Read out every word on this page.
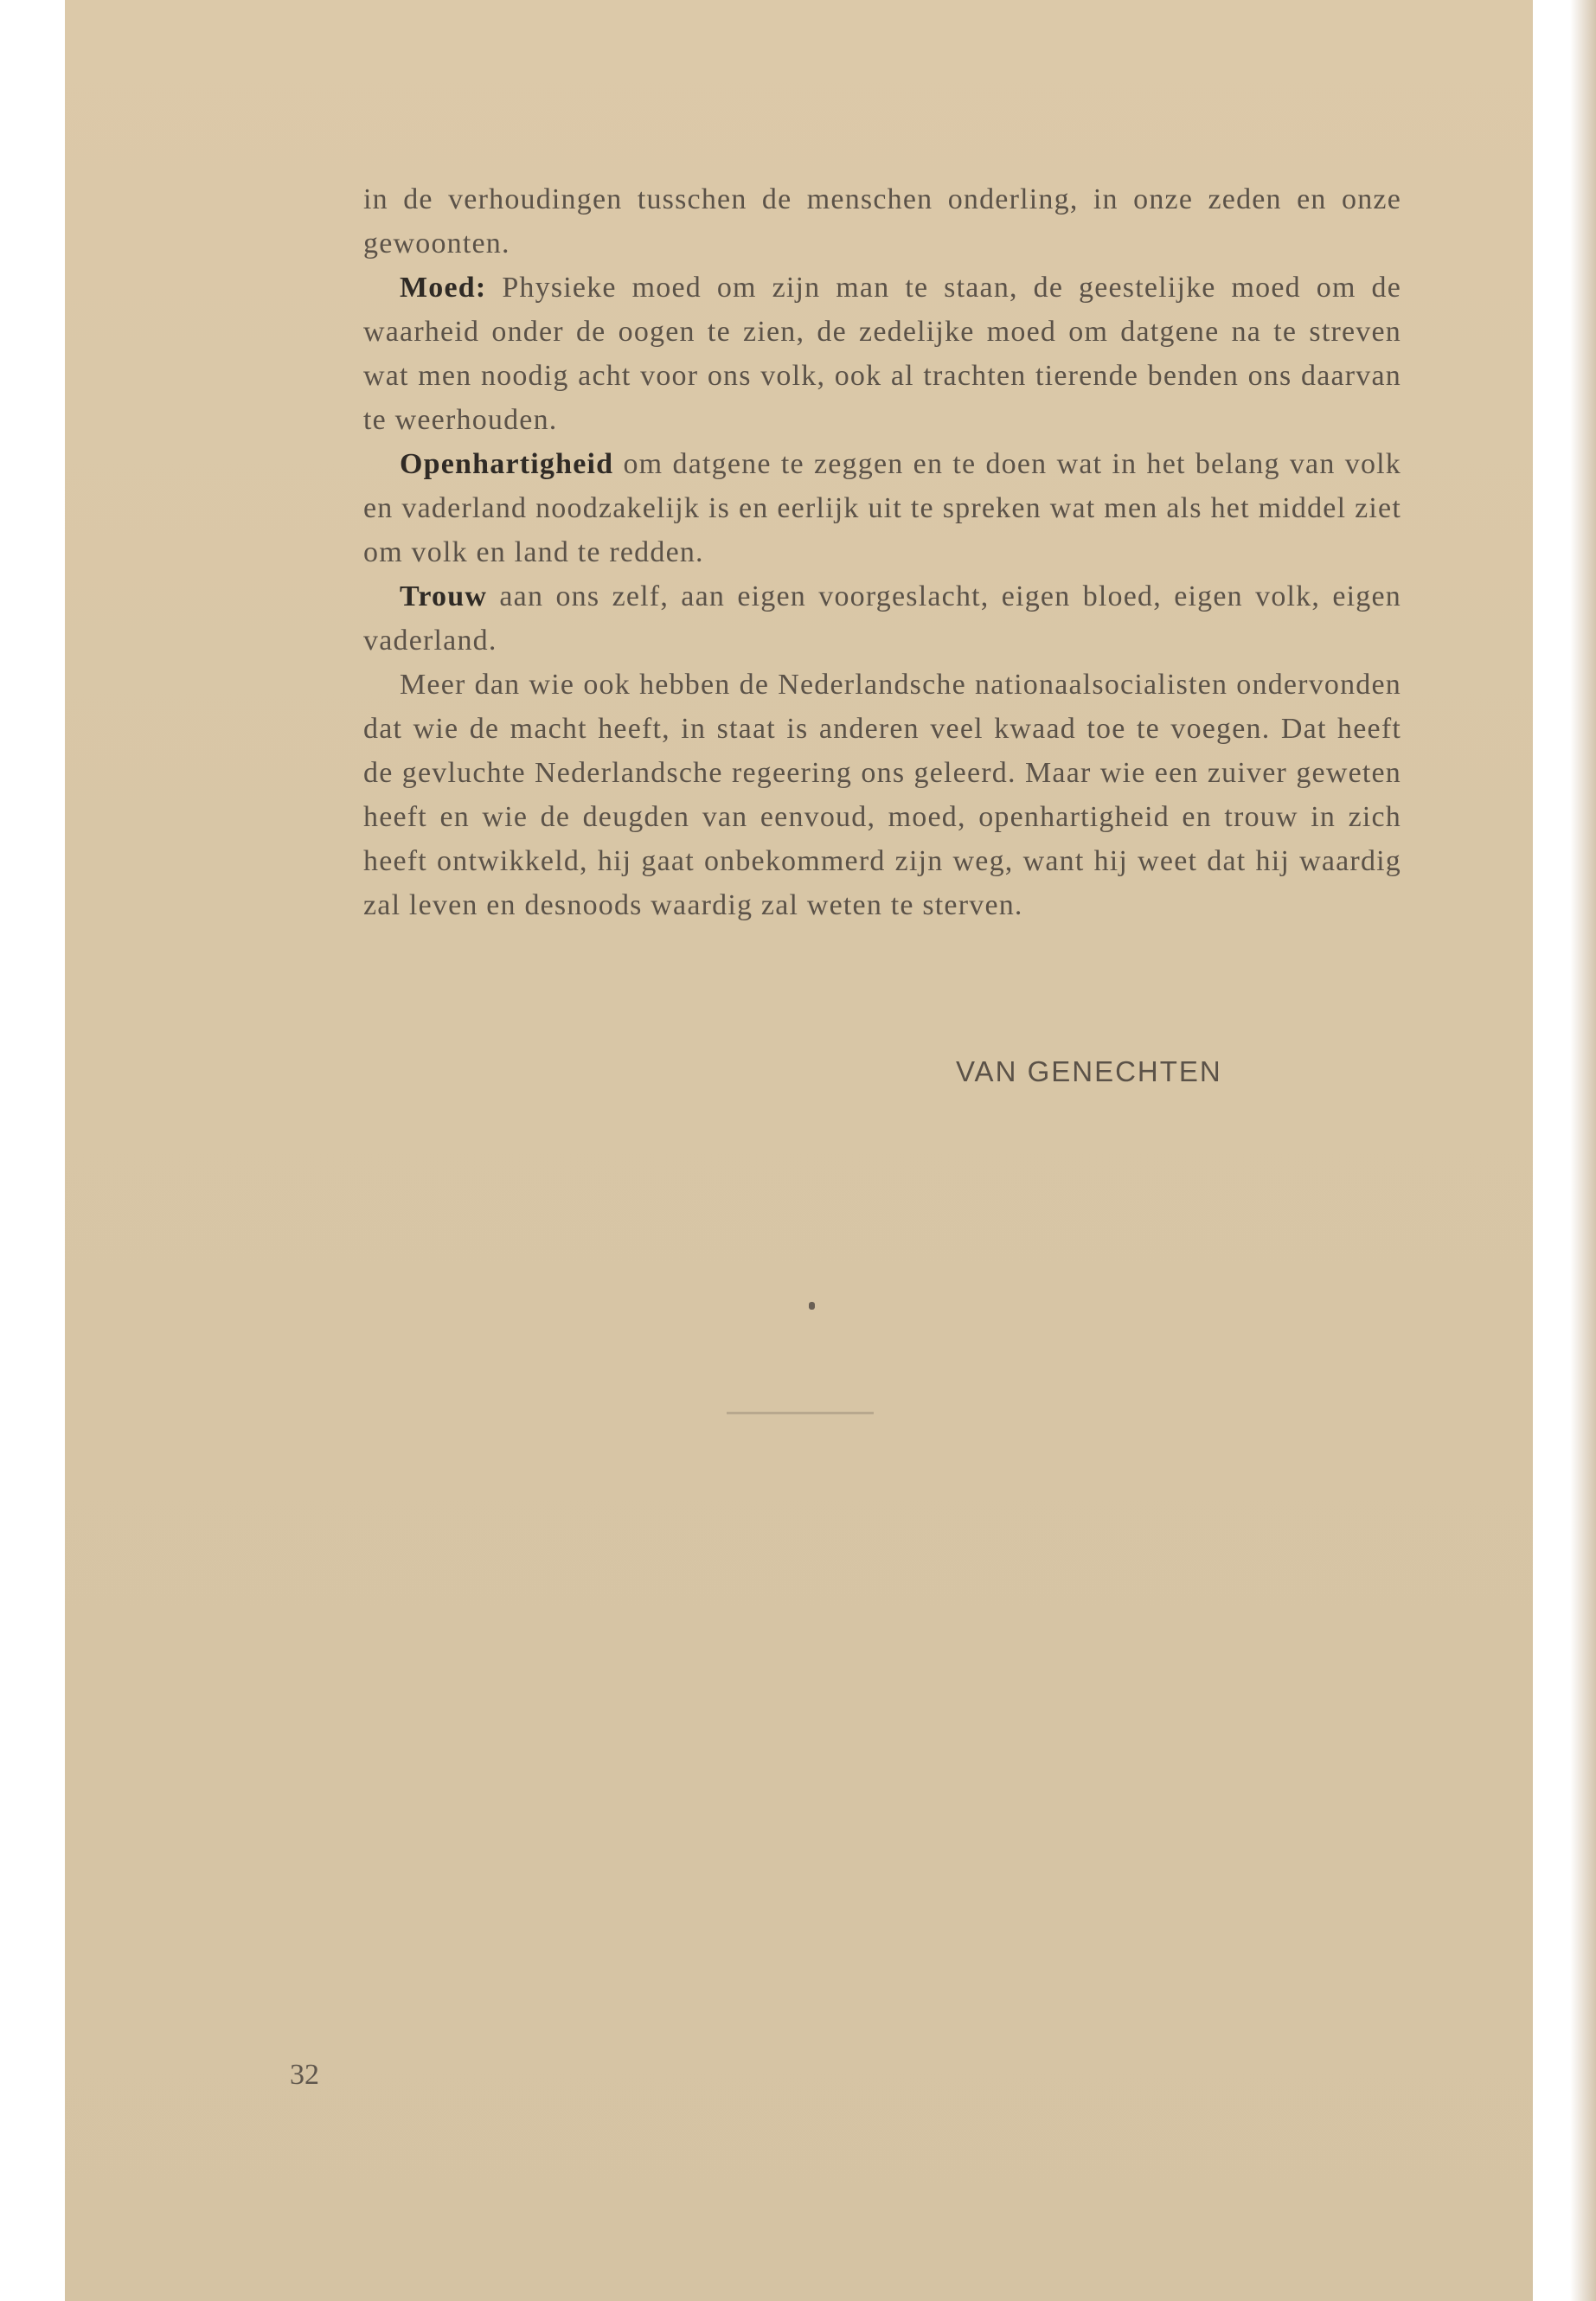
in de verhoudingen tusschen de menschen onderling, in onze zeden en onze gewoonten.

Moed: Physieke moed om zijn man te staan, de geestelijke moed om de waarheid onder de oogen te zien, de zedelijke moed om datgene na te streven wat men noodig acht voor ons volk, ook al trachten tierende benden ons daarvan te weerhouden.

Openhartigheid om datgene te zeggen en te doen wat in het belang van volk en vaderland noodzakelijk is en eerlijk uit te spreken wat men als het middel ziet om volk en land te redden.

Trouw aan ons zelf, aan eigen voorgeslacht, eigen bloed, eigen volk, eigen vaderland.

Meer dan wie ook hebben de Nederlandsche nationaalsocialisten ondervonden dat wie de macht heeft, in staat is anderen veel kwaad toe te voegen. Dat heeft de gevluchte Nederlandsche regeering ons geleerd. Maar wie een zuiver geweten heeft en wie de deugden van eenvoud, moed, openhartigheid en trouw in zich heeft ontwikkeld, hij gaat onbekommerd zijn weg, want hij weet dat hij waardig zal leven en desnoods waardig zal weten te sterven.

VAN GENECHTEN
32
